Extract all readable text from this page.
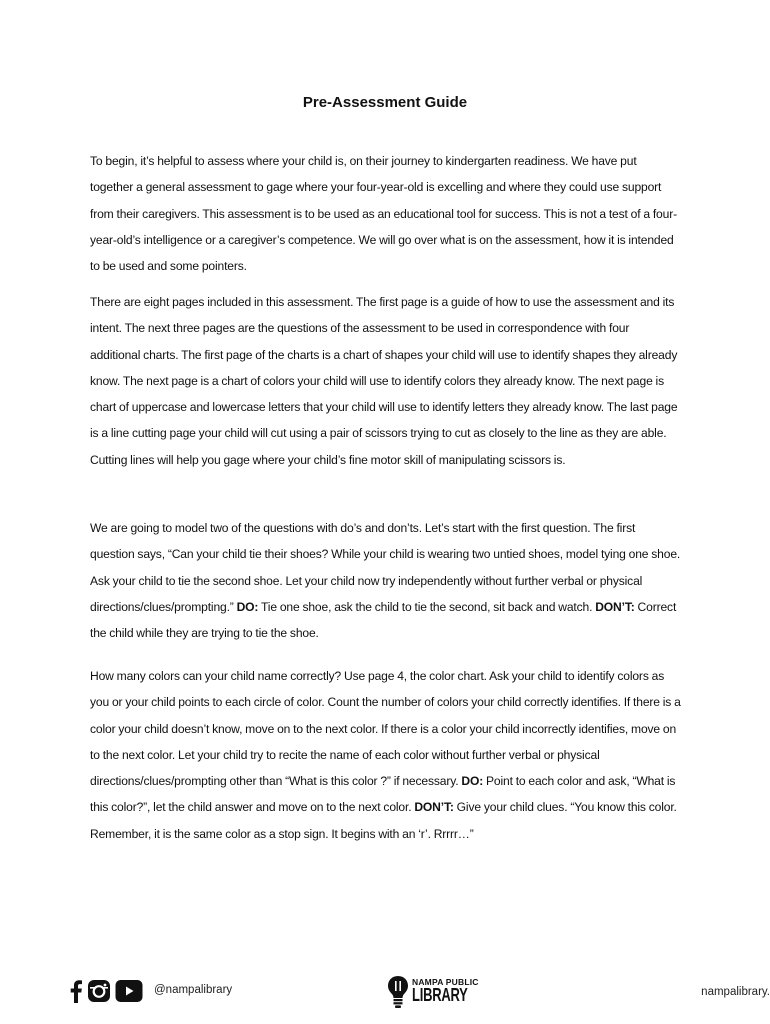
Pre-Assessment Guide

To begin, it’s helpful to assess where your child is, on their journey to kindergarten readiness. We have put together a general assessment to gage where your four-year-old is excelling and where they could use support from their caregivers. This assessment is to be used as an educational tool for success. This is not a test of a four-year-old’s intelligence or a caregiver’s competence. We will go over what is on the assessment, how it is intended to be used and some pointers.

There are eight pages included in this assessment. The first page is a guide of how to use the assessment and its intent. The next three pages are the questions of the assessment to be used in correspondence with four additional charts. The first page of the charts is a chart of shapes your child will use to identify shapes they already know. The next page is a chart of colors your child will use to identify colors they already know. The next page is chart of uppercase and lowercase letters that your child will use to identify letters they already know. The last page is a line cutting page your child will cut using a pair of scissors trying to cut as closely to the line as they are able. Cutting lines will help you gage where your child’s fine motor skill of manipulating scissors is.

We are going to model two of the questions with do’s and don’ts. Let’s start with the first question. The first question says, “Can your child tie their shoes? While your child is wearing two untied shoes, model tying one shoe. Ask your child to tie the second shoe. Let your child now try independently without further verbal or physical directions/clues/prompting.” DO: Tie one shoe, ask the child to tie the second, sit back and watch. DON’T: Correct the child while they are trying to tie the shoe.

How many colors can your child name correctly? Use page 4, the color chart. Ask your child to identify colors as you or your child points to each circle of color. Count the number of colors your child correctly identifies. If there is a color your child doesn’t know, move on to the next color. If there is a color your child incorrectly identifies, move on to the next color. Let your child try to recite the name of each color without further verbal or physical directions/clues/prompting other than “What is this color ?” if necessary. DO: Point to each color and ask, “What is this color?”, let the child answer and move on to the next color. DON’T: Give your child clues. “You know this color. Remember, it is the same color as a stop sign. It begins with an ‘r’. Rrrrr…”

@nampalibrary
NAMPA PUBLIC
LIBRARY	nampalibrary.
